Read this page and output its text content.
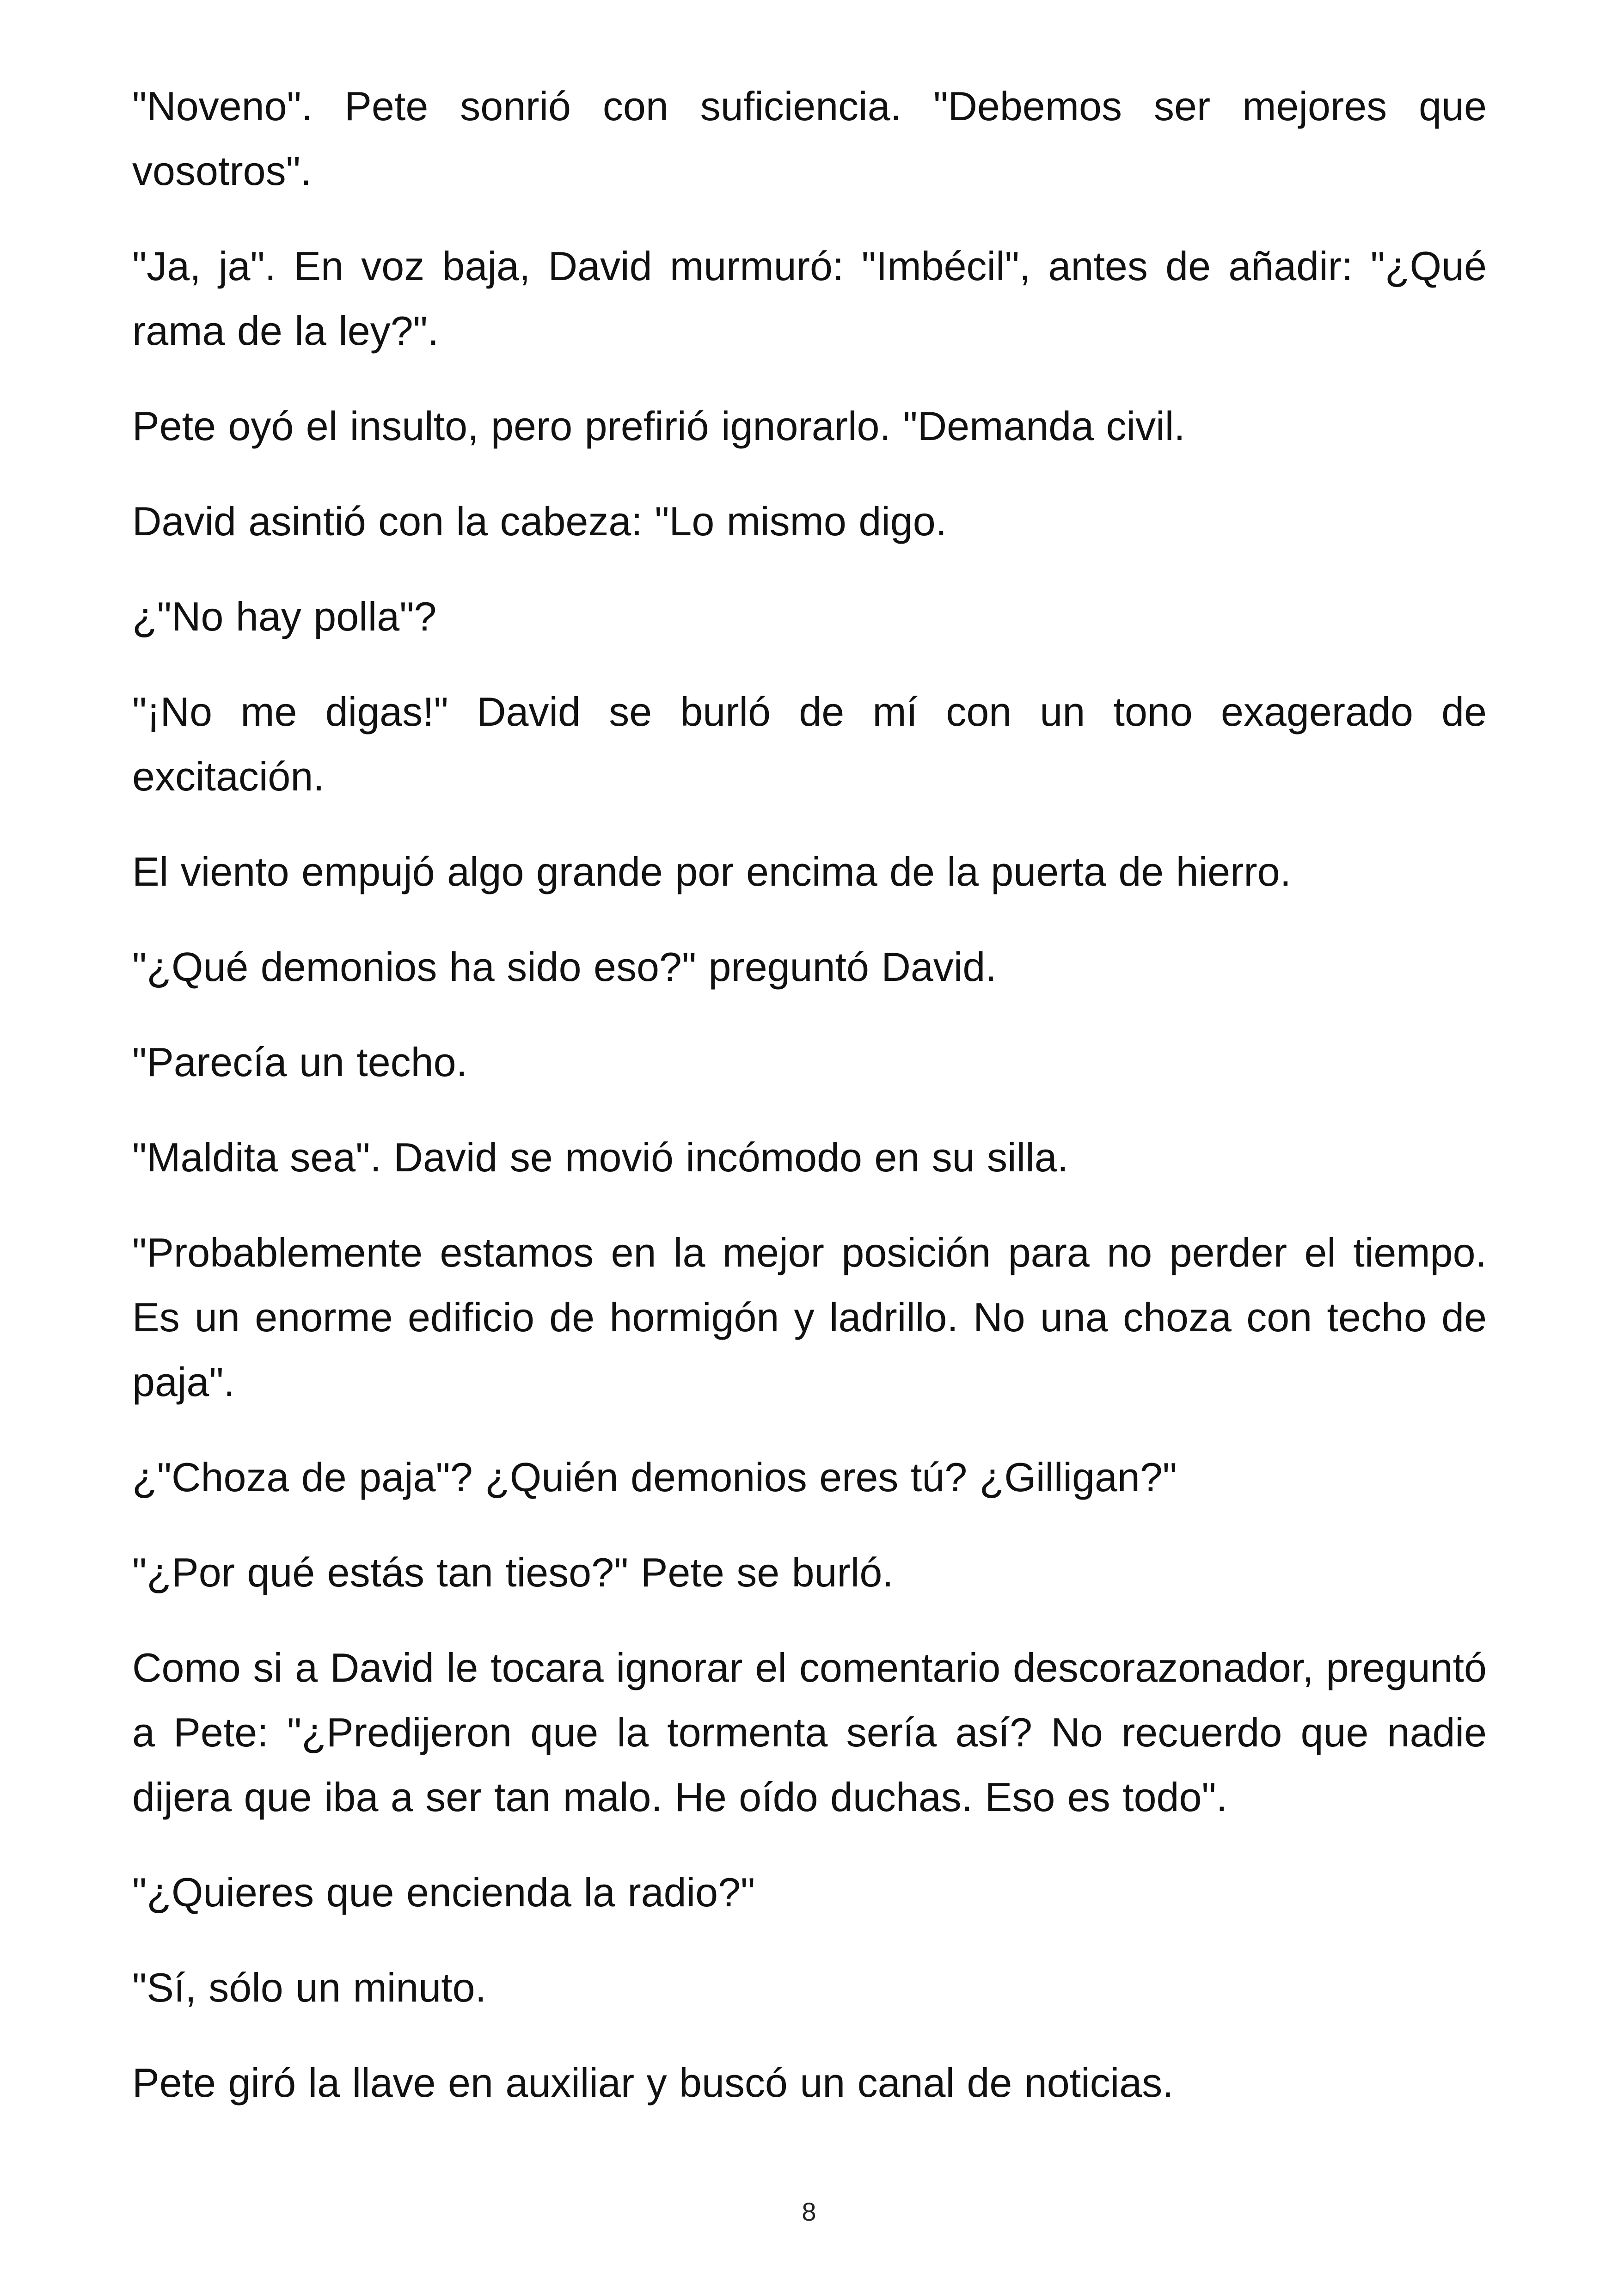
"Noveno". Pete sonrió con suficiencia. "Debemos ser mejores que vosotros".

"Ja, ja". En voz baja, David murmuró: "Imbécil", antes de añadir: "¿Qué rama de la ley?".

Pete oyó el insulto, pero prefirió ignorarlo. "Demanda civil.

David asintió con la cabeza: "Lo mismo digo.

¿"No hay polla"?

"¡No me digas!" David se burló de mí con un tono exagerado de excitación.

El viento empujó algo grande por encima de la puerta de hierro.

"¿Qué demonios ha sido eso?" preguntó David.

"Parecía un techo.

"Maldita sea". David se movió incómodo en su silla.

"Probablemente estamos en la mejor posición para no perder el tiempo. Es un enorme edificio de hormigón y ladrillo. No una choza con techo de paja".

¿"Choza de paja"? ¿Quién demonios eres tú? ¿Gilligan?"

"¿Por qué estás tan tieso?" Pete se burló.

Como si a David le tocara ignorar el comentario descorazonador, preguntó a Pete: "¿Predijeron que la tormenta sería así? No recuerdo que nadie dijera que iba a ser tan malo. He oído duchas. Eso es todo".

"¿Quieres que encienda la radio?"

"Sí, sólo un minuto.

Pete giró la llave en auxiliar y buscó un canal de noticias.

8
